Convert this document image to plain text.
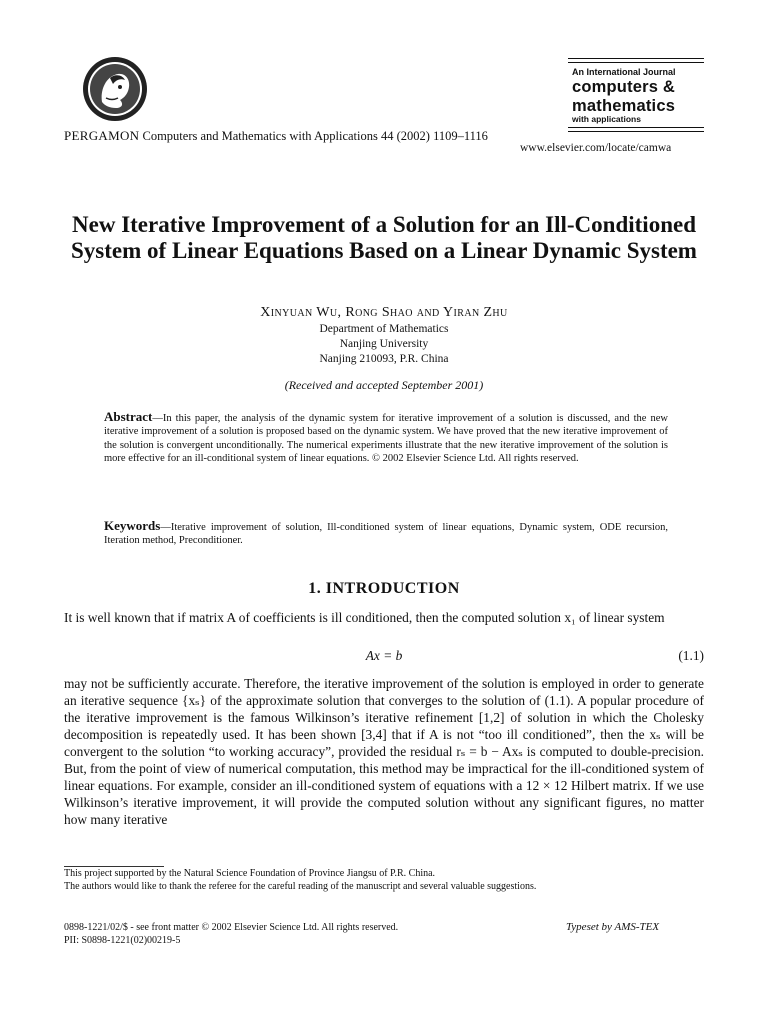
PERGAMON Computers and Mathematics with Applications 44 (2002) 1109–1116
An International Journal
computers &
mathematics
with applications
www.elsevier.com/locate/camwa
New Iterative Improvement of a Solution for an Ill-Conditioned System of Linear Equations Based on a Linear Dynamic System
Xinyuan Wu, Rong Shao and Yiran Zhu
Department of Mathematics
Nanjing University
Nanjing 210093, P.R. China
(Received and accepted September 2001)
Abstract—In this paper, the analysis of the dynamic system for iterative improvement of a solution is discussed, and the new iterative improvement of a solution is proposed based on the dynamic system. We have proved that the new iterative improvement of the solution is convergent unconditionally. The numerical experiments illustrate that the new iterative improvement of the solution is more effective for an ill-conditional system of linear equations. © 2002 Elsevier Science Ltd. All rights reserved.
Keywords—Iterative improvement of solution, Ill-conditioned system of linear equations, Dynamic system, ODE recursion, Iteration method, Preconditioner.
1. INTRODUCTION
It is well known that if matrix A of coefficients is ill conditioned, then the computed solution x₁ of linear system
Ax = b	(1.1)
may not be sufficiently accurate. Therefore, the iterative improvement of the solution is employed in order to generate an iterative sequence {xₛ} of the approximate solution that converges to the solution of (1.1). A popular procedure of the iterative improvement is the famous Wilkinson’s iterative refinement [1,2] of solution in which the Cholesky decomposition is repeatedly used. It has been shown [3,4] that if A is not “too ill conditioned”, then the xₛ will be convergent to the solution “to working accuracy”, provided the residual rₛ = b − Axₛ is computed to double-precision. But, from the point of view of numerical computation, this method may be impractical for the ill-conditioned system of linear equations. For example, consider an ill-conditioned system of equations with a 12 × 12 Hilbert matrix. If we use Wilkinson’s iterative improvement, it will provide the computed solution without any significant figures, no matter how many iterative

This project supported by the Natural Science Foundation of Province Jiangsu of P.R. China.

The authors would like to thank the referee for the careful reading of the manuscript and several valuable suggestions.

0898-1221/02/$ - see front matter © 2002 Elsevier Science Ltd. All rights reserved.
PII: S0898-1221(02)00219-5
Typeset by AMS-TEX
